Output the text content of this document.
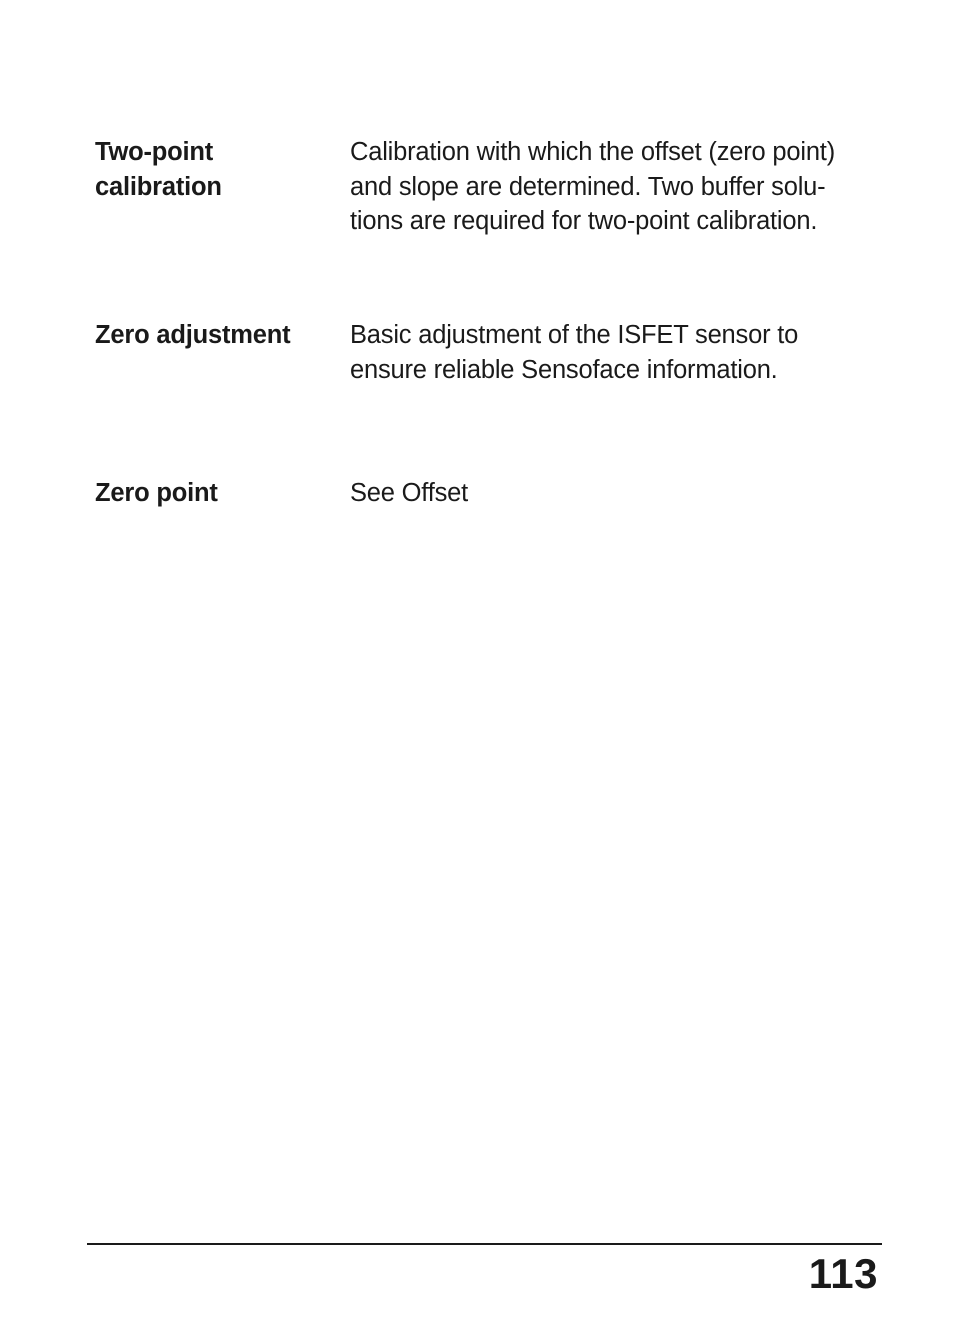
Two-point
calibration
Calibration with which the offset (zero point)
and slope are determined. Two buffer solu-
tions are required for two-point calibration.
Zero adjustment	Basic adjustment of the ISFET sensor to
ensure reliable Sensoface information.
Zero point	See Offset
113
